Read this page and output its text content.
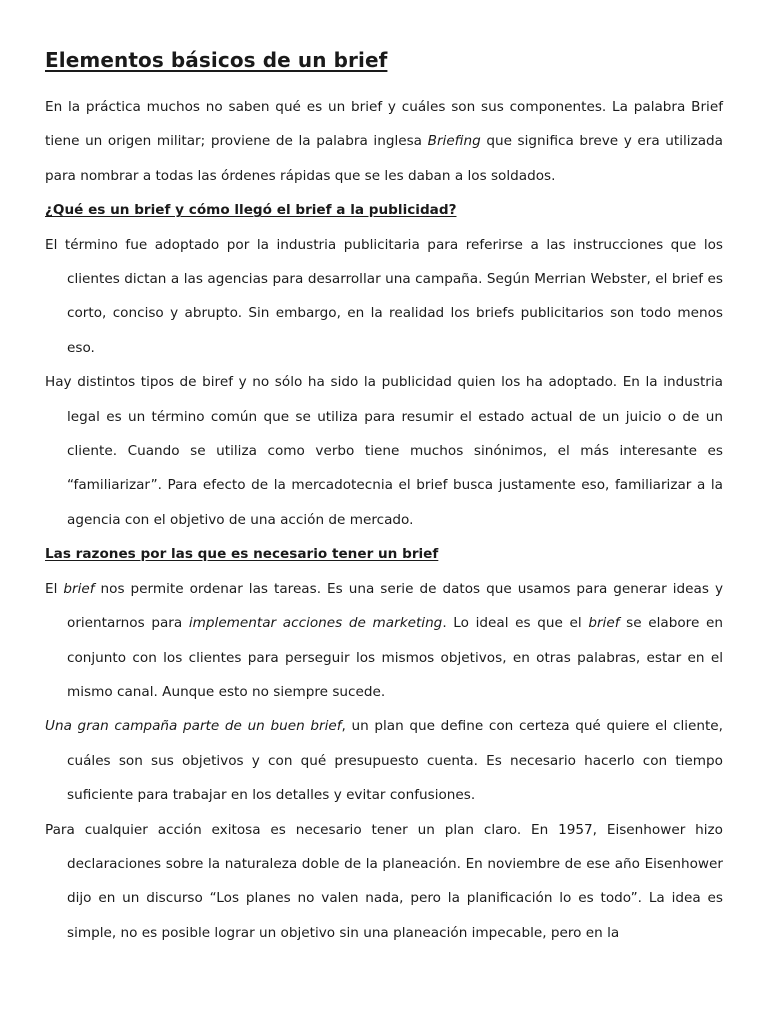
Elementos básicos de un brief

En la práctica muchos no saben qué es un brief y cuáles son sus componentes. La palabra Brief tiene un origen militar; proviene de la palabra inglesa Briefing que significa breve y era utilizada para nombrar a todas las órdenes rápidas que se les daban a los soldados.

¿Qué es un brief y cómo llegó el brief a la publicidad?

El término fue adoptado por la industria publicitaria para referirse a las instrucciones que los clientes dictan a las agencias para desarrollar una campaña. Según Merrian Webster, el brief es corto, conciso y abrupto. Sin embargo, en la realidad los briefs publicitarios son todo menos eso.

Hay distintos tipos de biref y no sólo ha sido la publicidad quien los ha adoptado. En la industria legal es un término común que se utiliza para resumir el estado actual de un juicio o de un cliente. Cuando se utiliza como verbo tiene muchos sinónimos, el más interesante es “familiarizar”. Para efecto de la mercadotecnia el brief busca justamente eso, familiarizar a la agencia con el objetivo de una acción de mercado.

Las razones por las que es necesario tener un brief

El brief nos permite ordenar las tareas. Es una serie de datos que usamos para generar ideas y orientarnos para implementar acciones de marketing. Lo ideal es que el brief se elabore en conjunto con los clientes para perseguir los mismos objetivos, en otras palabras, estar en el mismo canal. Aunque esto no siempre sucede.

Una gran campaña parte de un buen brief, un plan que define con certeza qué quiere el cliente, cuáles son sus objetivos y con qué presupuesto cuenta. Es necesario hacerlo con tiempo suficiente para trabajar en los detalles y evitar confusiones.

Para cualquier acción exitosa es necesario tener un plan claro. En 1957, Eisenhower hizo declaraciones sobre la naturaleza doble de la planeación. En noviembre de ese año Eisenhower dijo en un discurso “Los planes no valen nada, pero la planificación lo es todo”. La idea es simple, no es posible lograr un objetivo sin una planeación impecable, pero en la
